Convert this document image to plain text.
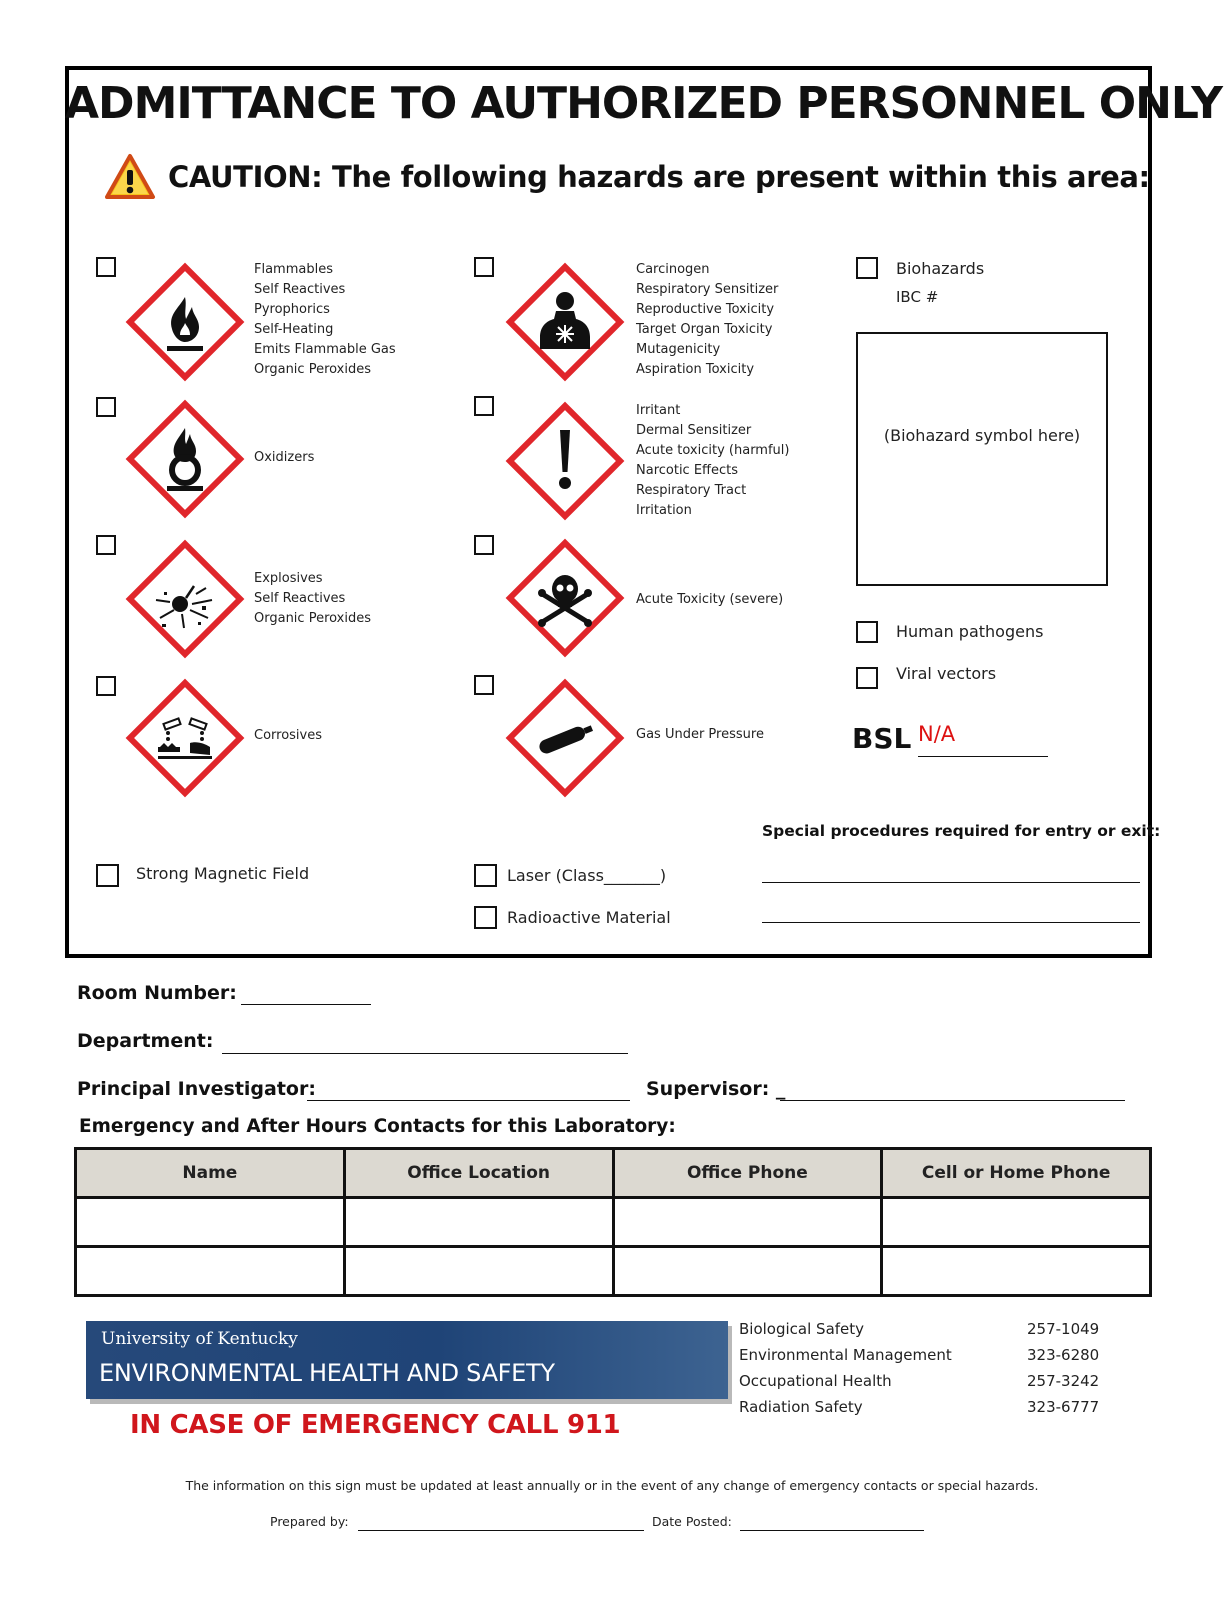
ADMITTANCE TO AUTHORIZED PERSONNEL ONLY
CAUTION: The following hazards are present within this area:
Flammables
Self Reactives
Pyrophorics
Self-Heating
Emits Flammable Gas
Organic Peroxides
Oxidizers
Explosives
Self Reactives
Organic Peroxides
Corrosives
Carcinogen
Respiratory Sensitizer
Reproductive Toxicity
Target Organ Toxicity
Mutagenicity
Aspiration Toxicity
Irritant
Dermal Sensitizer
Acute toxicity (harmful)
Narcotic Effects
Respiratory Tract
Irritation
Acute Toxicity (severe)
Gas Under Pressure
Biohazards
IBC #
(Biohazard symbol here)
Human pathogens
Viral vectors
BSL N/A
Strong Magnetic Field	Laser (Class_______)
Radioactive Material
Special procedures required for entry or exit:
Room Number:
Department:
Principal Investigator:	Supervisor: _
Emergency and After Hours Contacts for this Laboratory:
Name	Office Location	Office Phone	Cell or Home Phone

University of Kentucky
ENVIRONMENTAL HEALTH AND SAFETY
IN CASE OF EMERGENCY CALL 911
Biological Safety	257-1049
Environmental Management	323-6280
Occupational Health	257-3242
Radiation Safety	323-6777
The information on this sign must be updated at least annually or in the event of any change of emergency contacts or special hazards.
Prepared by:	Date Posted:
